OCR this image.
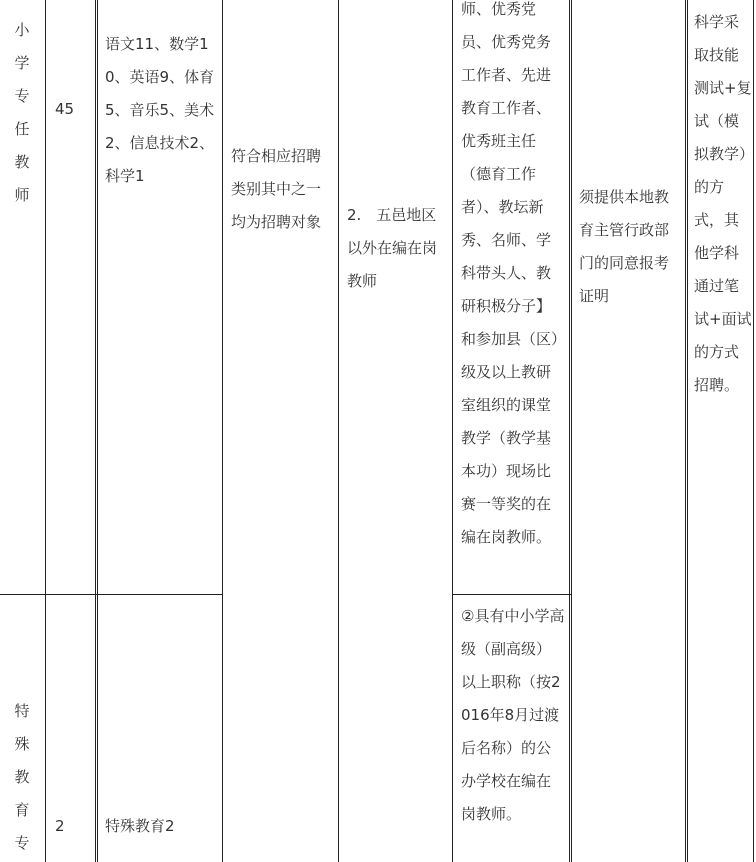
小
学
专
任
教
师
45
语文11、数学10、英语9、体育5、音乐5、美术2、信息技术2、科学1
符合相应招聘类别其中之一均为招聘对象	2.　五邑地区以外在编在岗教师
师、优秀党员、优秀党务工作者、先进教育工作者、优秀班主任（德育工作者）、教坛新秀、名师、学科带头人、教研积极分子】和参加县（区）级及以上教研室组织的课堂教学（教学基本功）现场比赛一等奖的在编在岗教师。
须提供本地教育主管行政部门的同意报考证明
科学采取技能测试+复试（模拟教学）的方式，其他学科通过笔试+面试的方式招聘。
特
殊
教
育
专
2	特殊教育2
②具有中小学高级（副高级）以上职称（按2016年8月过渡后名称）的公办学校在编在岗教师。
